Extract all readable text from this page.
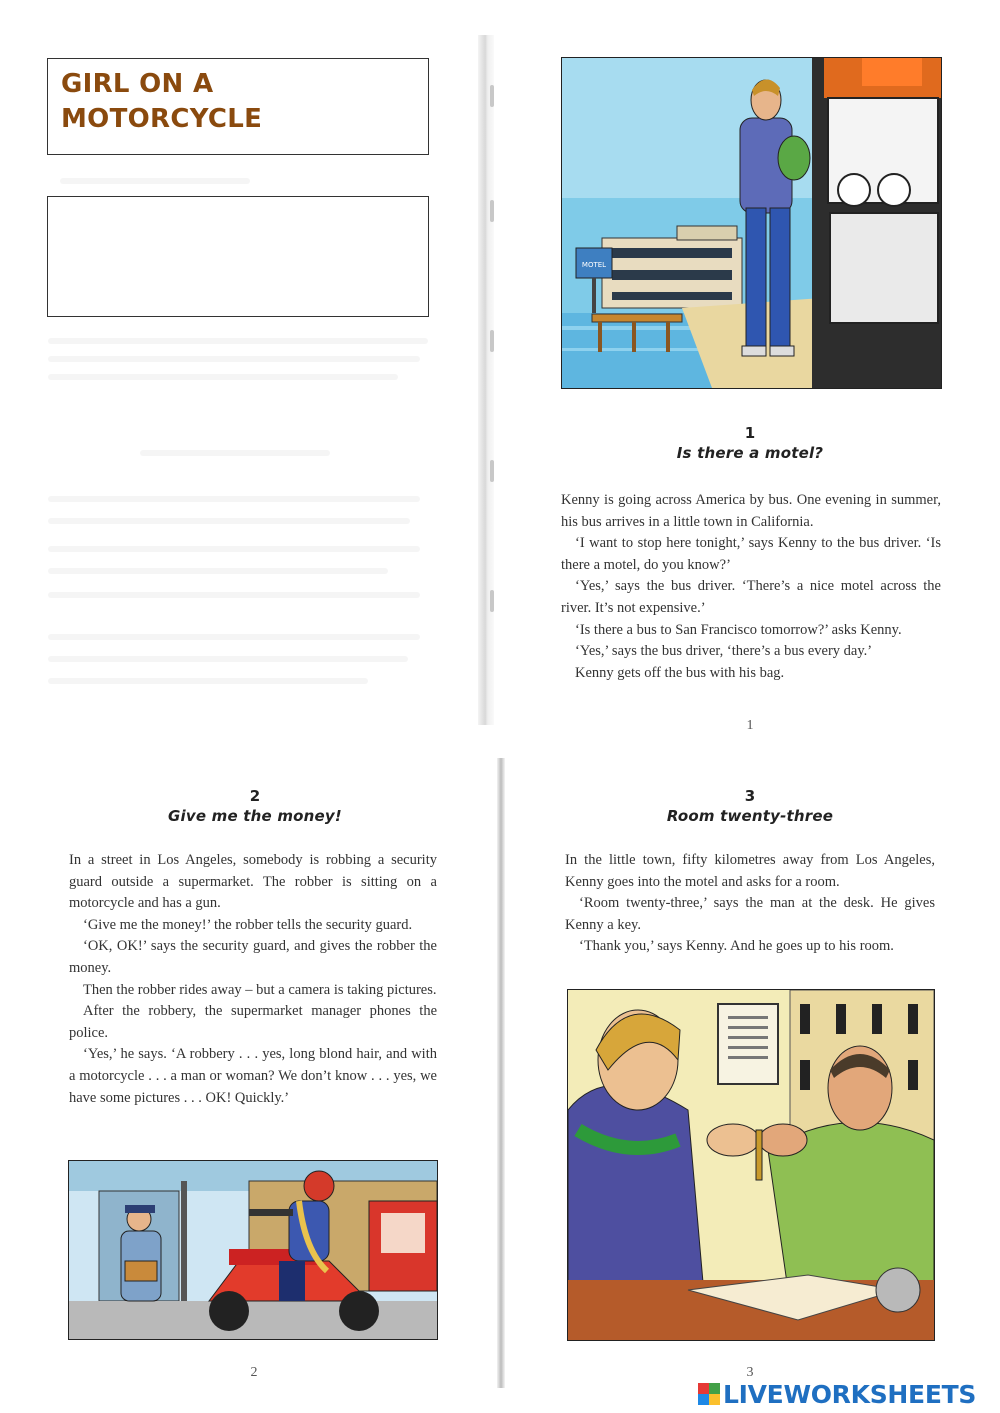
GIRL ON A MOTORCYCLE
MOTEL
1
Is there a motel?

Kenny is going across America by bus. One evening in summer, his bus arrives in a little town in California.

‘I want to stop here tonight,’ says Kenny to the bus driver. ‘Is there a motel, do you know?’

‘Yes,’ says the bus driver. ‘There’s a nice motel across the river. It’s not expensive.’

‘Is there a bus to San Francisco tomorrow?’ asks Kenny.

‘Yes,’ says the bus driver, ‘there’s a bus every day.’

Kenny gets off the bus with his bag.

1
2
Give me the money!

In a street in Los Angeles, somebody is robbing a security guard outside a supermarket. The robber is sitting on a motorcycle and has a gun.

‘Give me the money!’ the robber tells the security guard.

‘OK, OK!’ says the security guard, and gives the robber the money.

Then the robber rides away – but a camera is taking pictures.

After the robbery, the supermarket manager phones the police.

‘Yes,’ he says. ‘A robbery . . . yes, long blond hair, and with a motorcycle . . . a man or woman? We don’t know . . . yes, we have some pictures . . . OK! Quickly.’

2
3
Room twenty-three

In the little town, fifty kilometres away from Los Angeles, Kenny goes into the motel and asks for a room.

‘Room twenty-three,’ says the man at the desk. He gives Kenny a key.

‘Thank you,’ says Kenny. And he goes up to his room.

3
LIVEWORKSHEETS
